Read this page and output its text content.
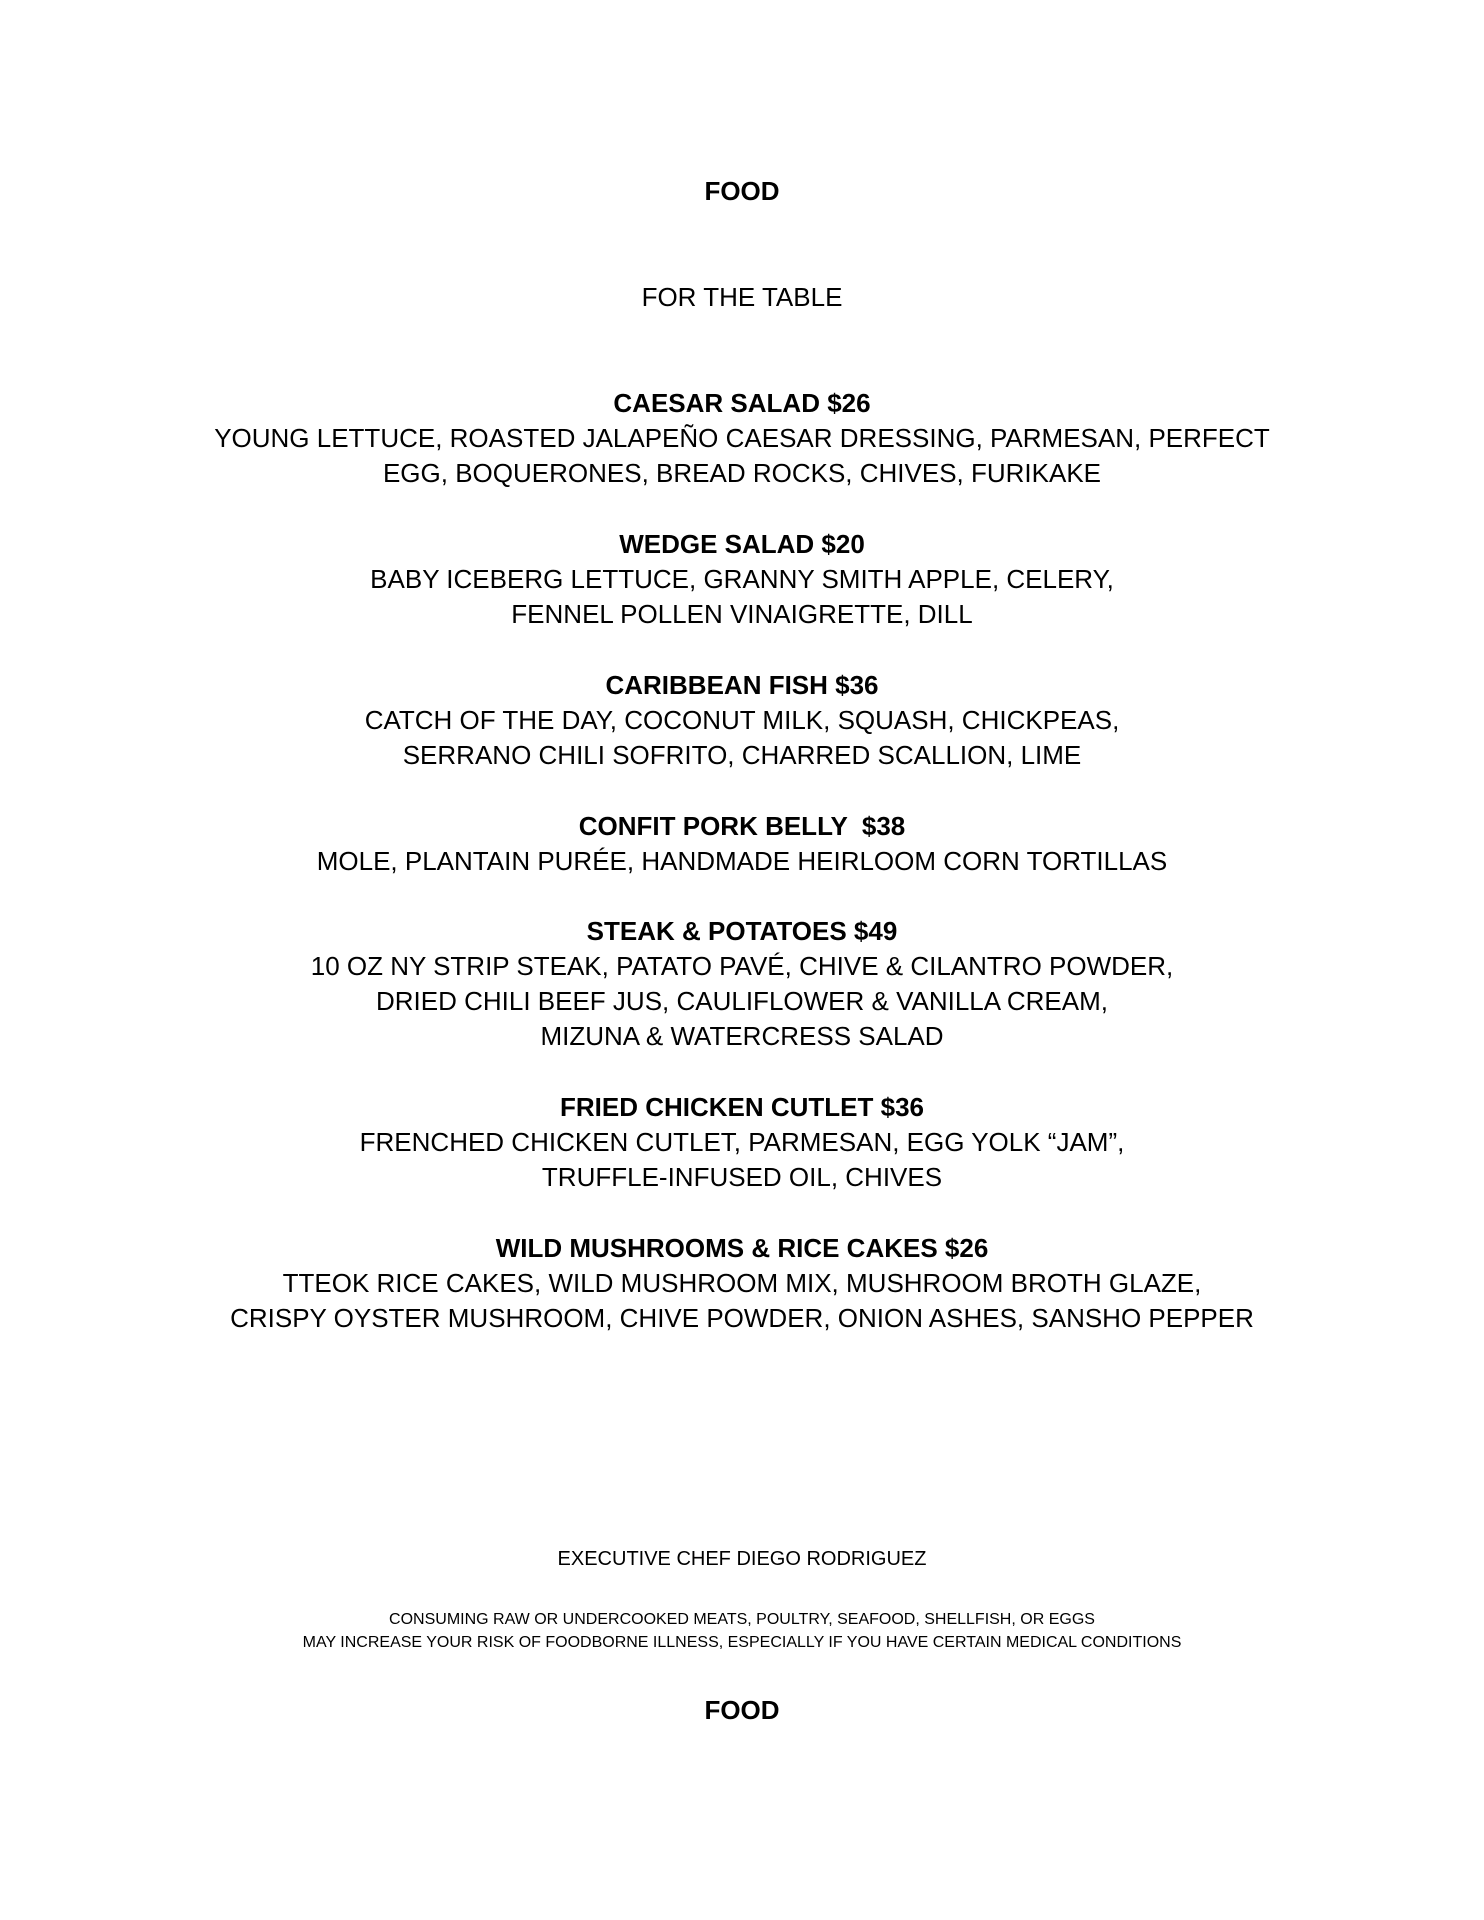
FOOD
FOR THE TABLE
CAESAR SALAD $26
YOUNG LETTUCE, ROASTED JALAPEÑO CAESAR DRESSING, PARMESAN, PERFECT
EGG, BOQUERONES, BREAD ROCKS, CHIVES, FURIKAKE
WEDGE SALAD $20
BABY ICEBERG LETTUCE, GRANNY SMITH APPLE, CELERY,
FENNEL POLLEN VINAIGRETTE, DILL
CARIBBEAN FISH $36
CATCH OF THE DAY, COCONUT MILK, SQUASH, CHICKPEAS,
SERRANO CHILI SOFRITO, CHARRED SCALLION, LIME
CONFIT PORK BELLY  $38
MOLE, PLANTAIN PURÉE, HANDMADE HEIRLOOM CORN TORTILLAS
STEAK & POTATOES $49
10 OZ NY STRIP STEAK, PATATO PAVÉ, CHIVE & CILANTRO POWDER,
DRIED CHILI BEEF JUS, CAULIFLOWER & VANILLA CREAM,
MIZUNA & WATERCRESS SALAD
FRIED CHICKEN CUTLET $36
FRENCHED CHICKEN CUTLET, PARMESAN, EGG YOLK “JAM”,
TRUFFLE-INFUSED OIL, CHIVES
WILD MUSHROOMS & RICE CAKES $26
TTEOK RICE CAKES, WILD MUSHROOM MIX, MUSHROOM BROTH GLAZE,
CRISPY OYSTER MUSHROOM, CHIVE POWDER, ONION ASHES, SANSHO PEPPER
EXECUTIVE CHEF DIEGO RODRIGUEZ
CONSUMING RAW OR UNDERCOOKED MEATS, POULTRY, SEAFOOD, SHELLFISH, OR EGGS
MAY INCREASE YOUR RISK OF FOODBORNE ILLNESS, ESPECIALLY IF YOU HAVE CERTAIN MEDICAL CONDITIONS
FOOD
